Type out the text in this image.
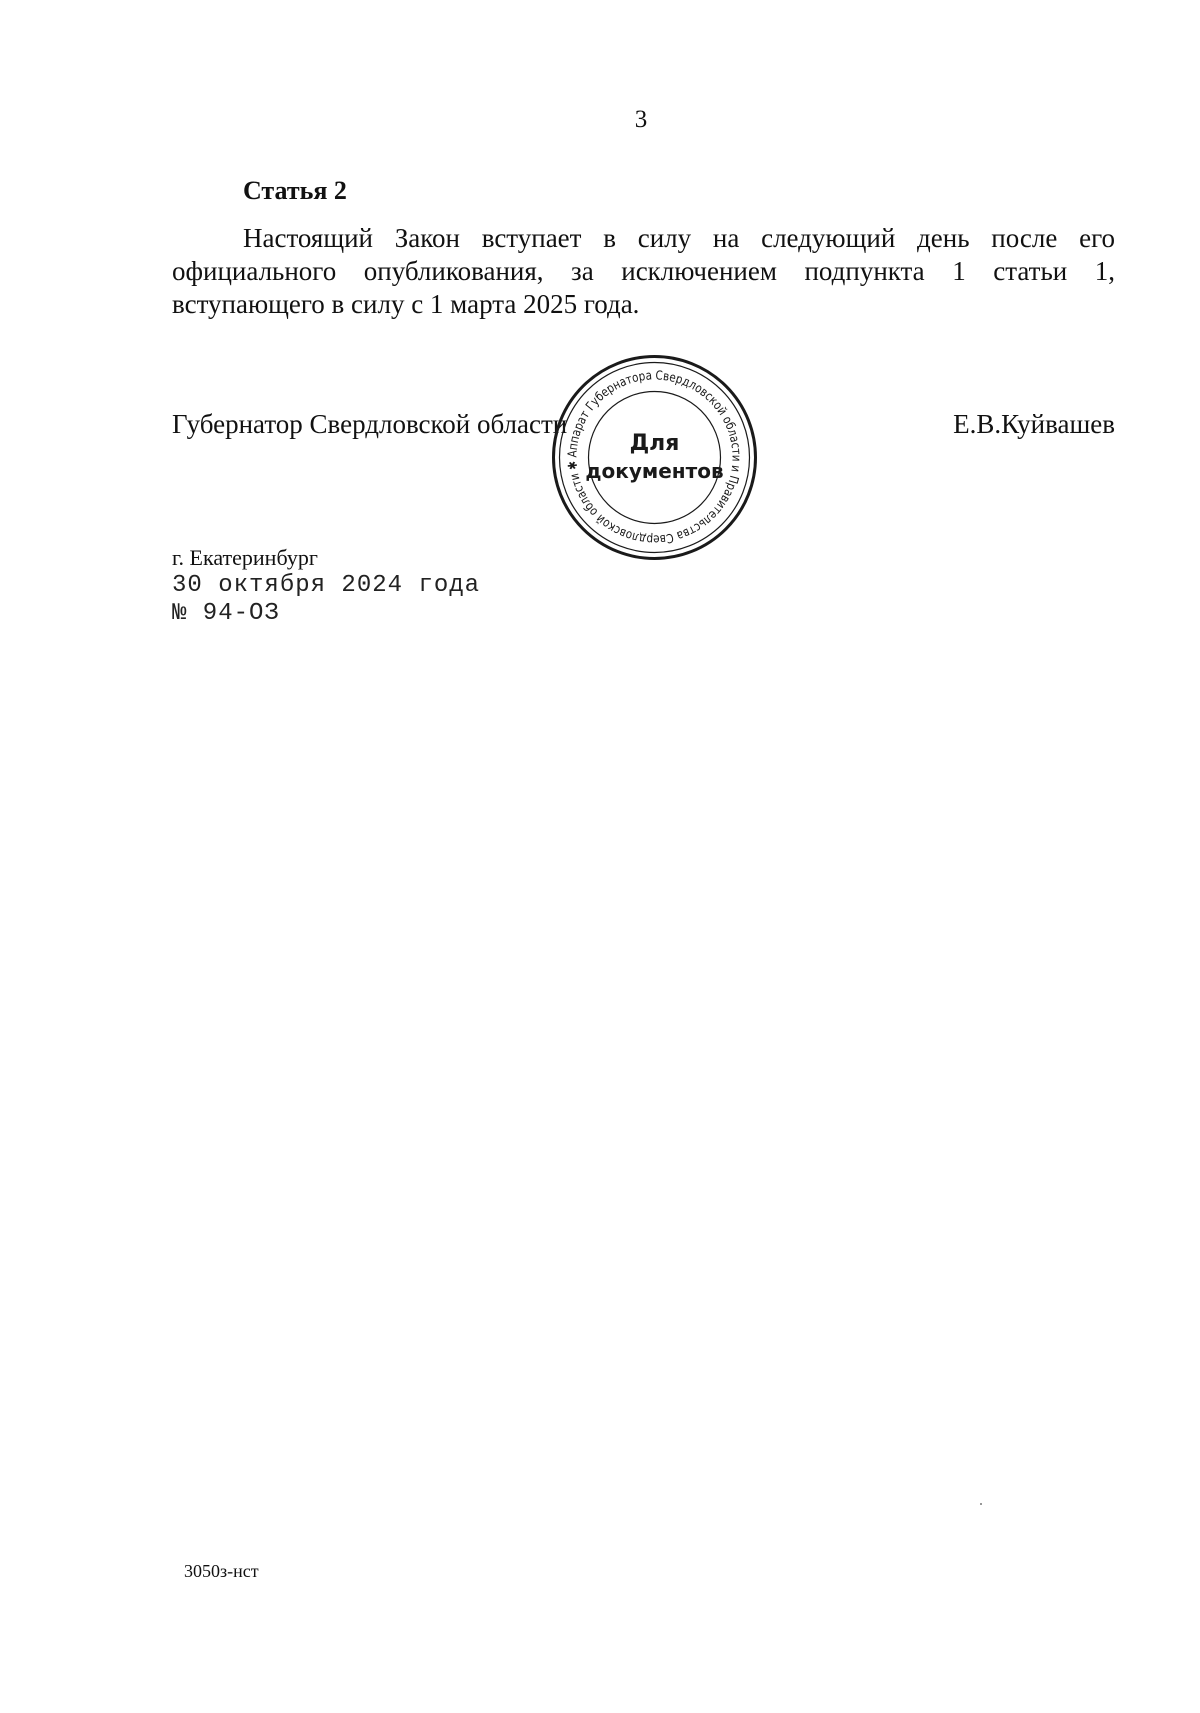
3
Статья 2

Настоящий Закон вступает в силу на следующий день после его официального опубликования, за исключением подпункта 1 статьи 1, вступающего в силу с 1 марта 2025 года.

Губернатор Свердловской области	Е.В.Куйвашев
Аппарат Губернатора Свердловской области и Правительства Свердловской области ✱
Для
документов
г. Екатеринбург
30 октября 2024 года
№ 94-ОЗ
3050з-нст
